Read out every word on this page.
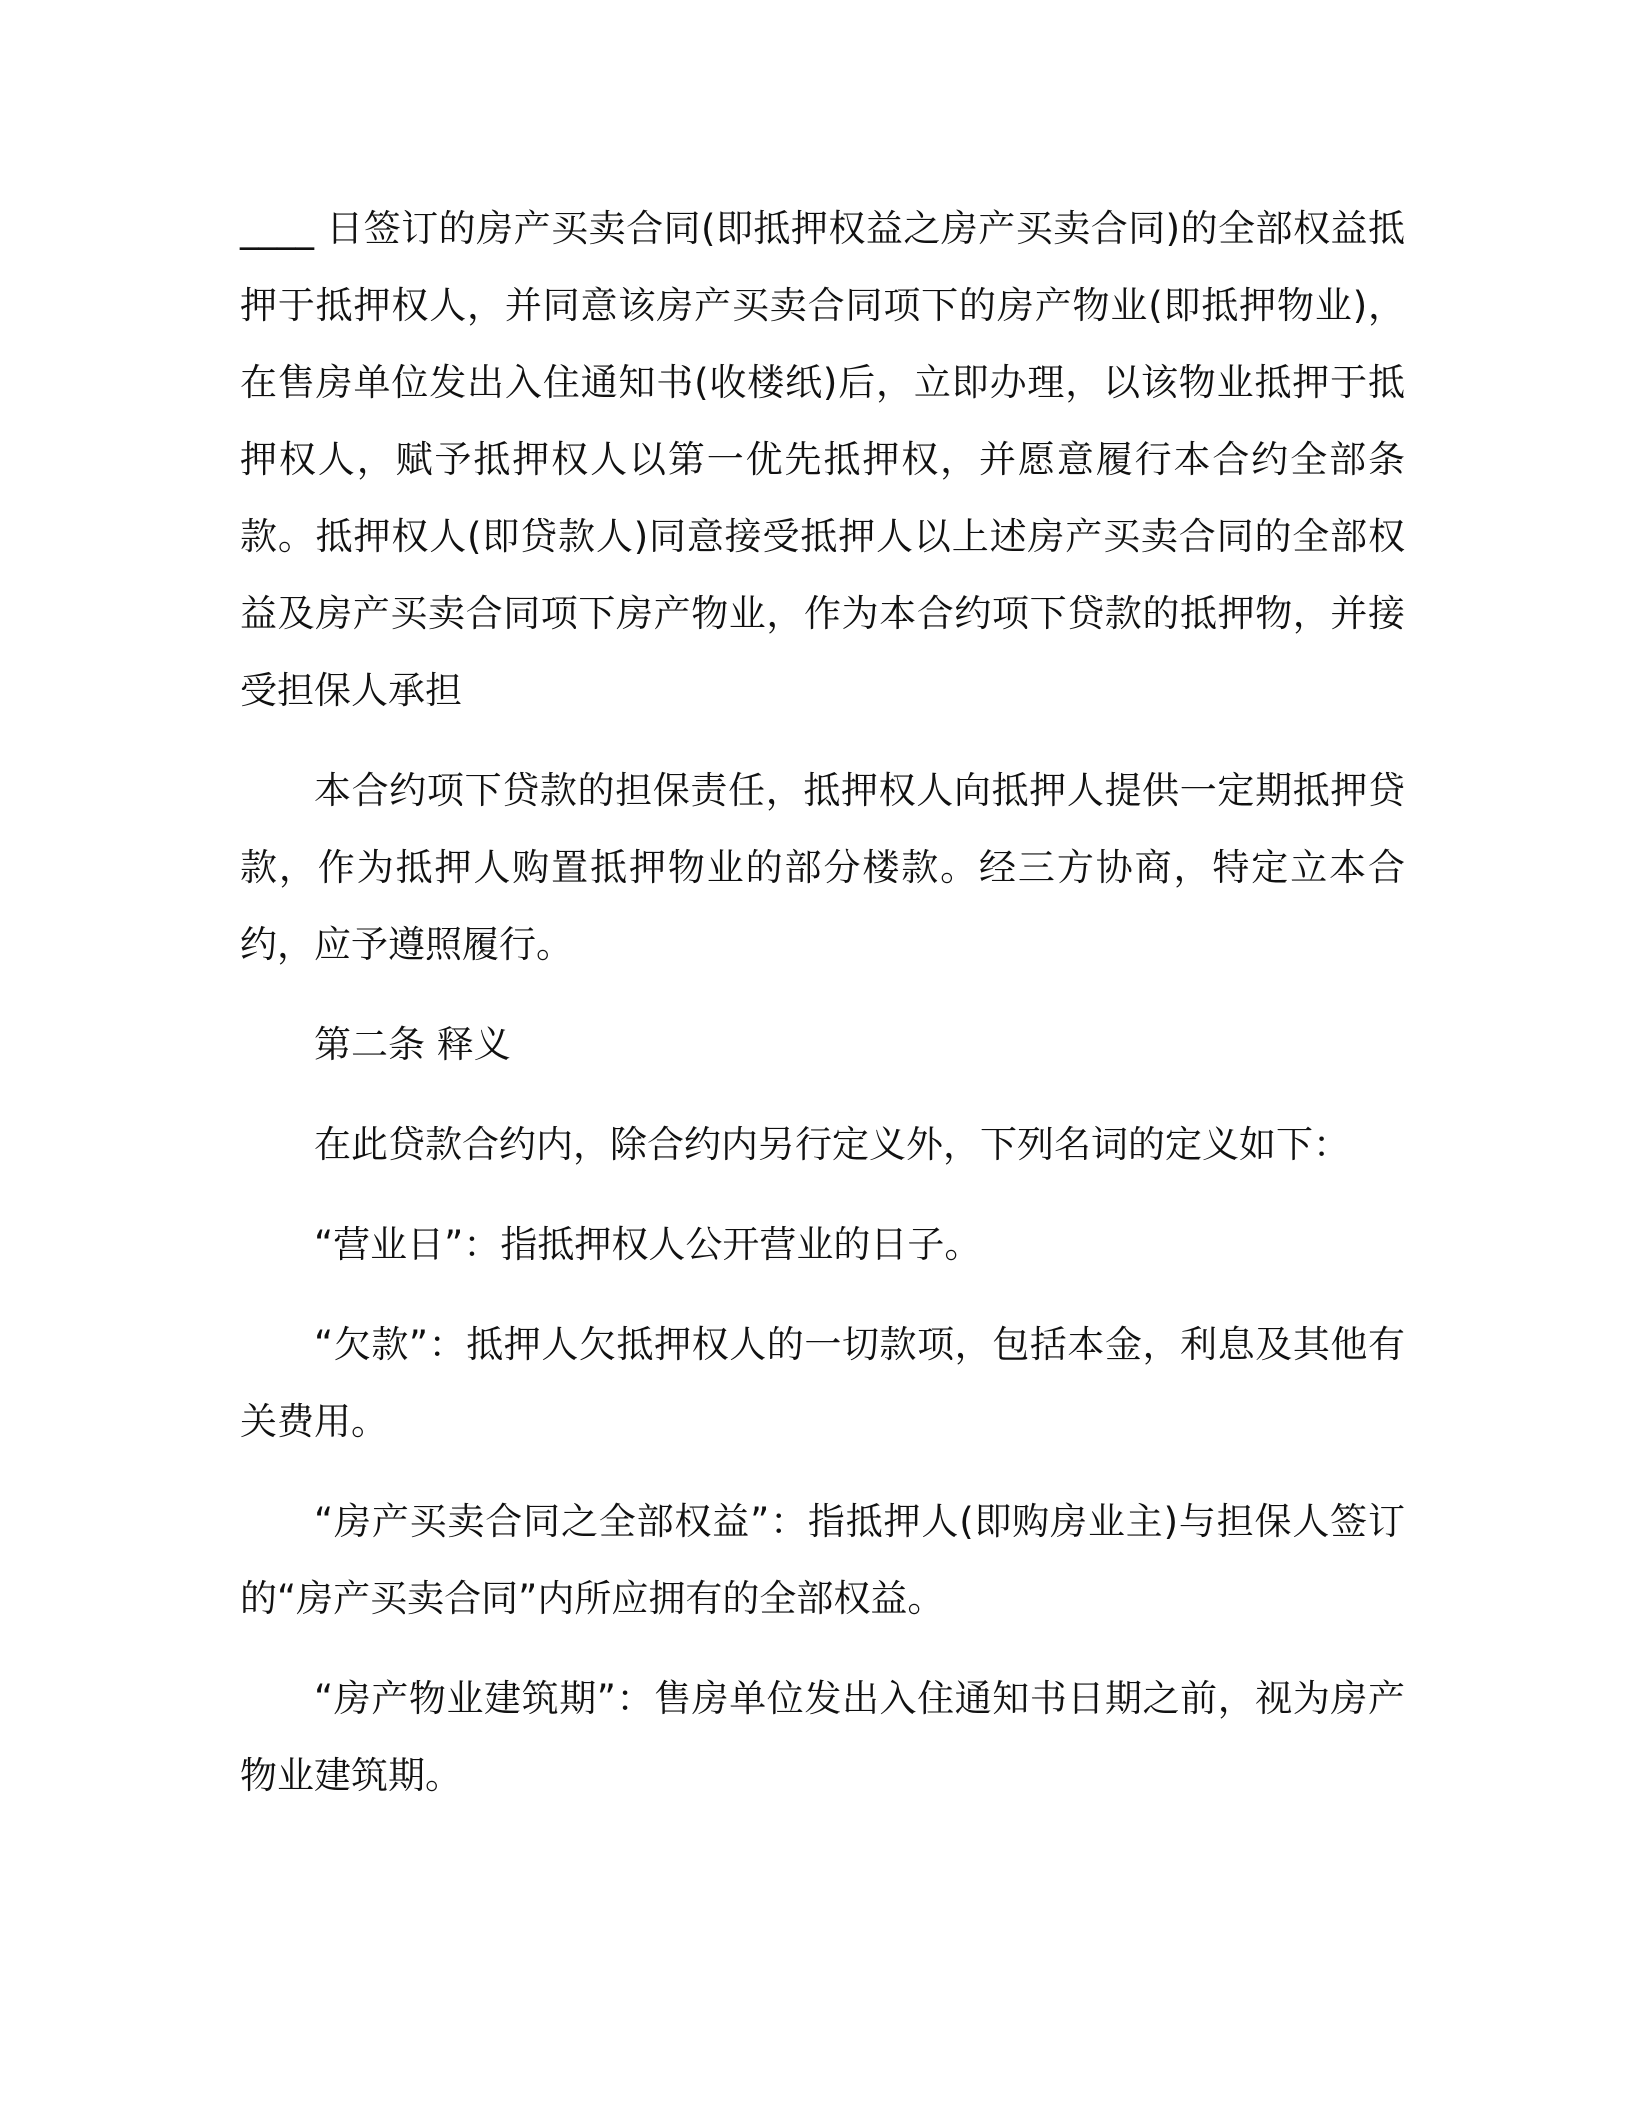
____ 日签订的房产买卖合同(即抵押权益之房产买卖合同)的全部权益抵押于抵押权人，并同意该房产买卖合同项下的房产物业(即抵押物业)，在售房单位发出入住通知书(收楼纸)后，立即办理，以该物业抵押于抵押权人，赋予抵押权人以第一优先抵押权，并愿意履行本合约全部条款。抵押权人(即贷款人)同意接受抵押人以上述房产买卖合同的全部权益及房产买卖合同项下房产物业，作为本合约项下贷款的抵押物，并接受担保人承担

本合约项下贷款的担保责任，抵押权人向抵押人提供一定期抵押贷款，作为抵押人购置抵押物业的部分楼款。经三方协商，特定立本合约，应予遵照履行。

第二条 释义

在此贷款合约内，除合约内另行定义外，下列名词的定义如下：

“营业日”：指抵押权人公开营业的日子。

“欠款”：抵押人欠抵押权人的一切款项，包括本金，利息及其他有关费用。

“房产买卖合同之全部权益”：指抵押人(即购房业主)与担保人签订的“房产买卖合同”内所应拥有的全部权益。

“房产物业建筑期”：售房单位发出入住通知书日期之前，视为房产物业建筑期。
